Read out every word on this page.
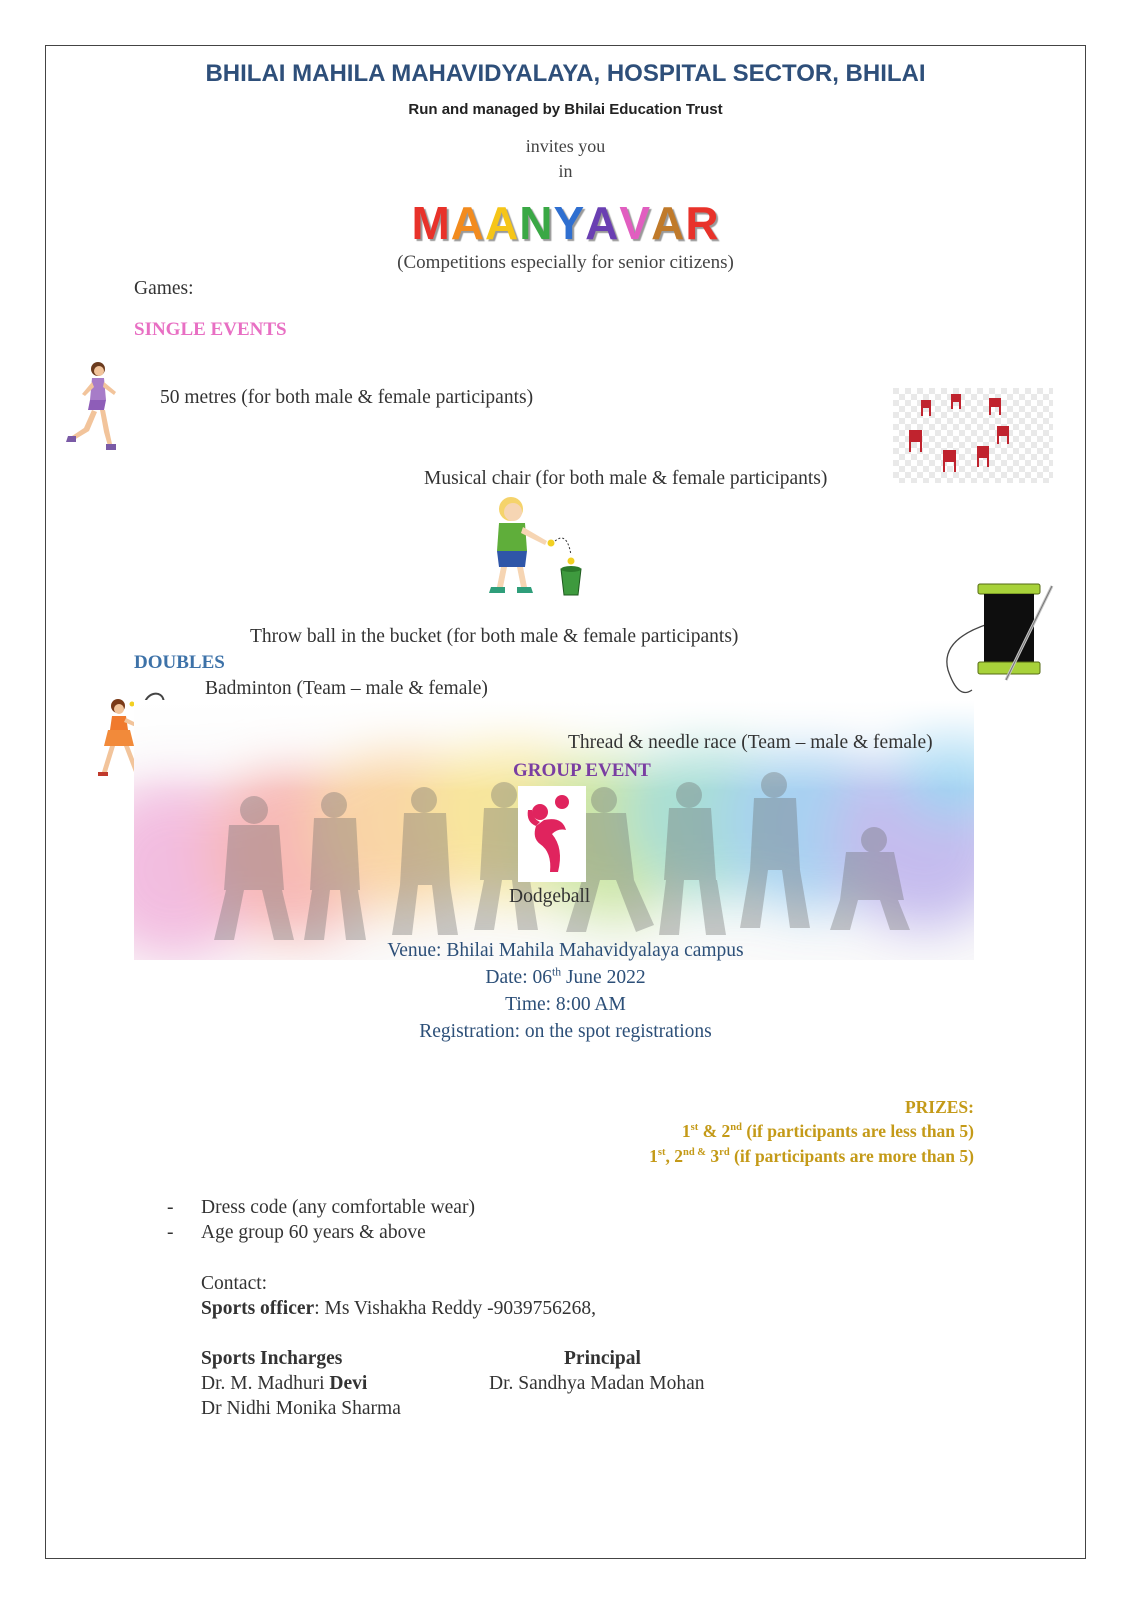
BHILAI MAHILA MAHAVIDYALAYA, HOSPITAL SECTOR, BHILAI
Run and managed by Bhilai Education Trust
invites you
in
MAANYAVAR
(Competitions especially for senior citizens)
Games:
SINGLE EVENTS
50 metres (for both male & female participants)
Musical chair (for both male & female participants)
Throw ball in the bucket (for both male & female participants)
DOUBLES
Badminton (Team – male & female)
Thread & needle race (Team – male & female)
GROUP EVENT
Dodgeball
Venue: Bhilai Mahila Mahavidyalaya campus
Date: 06th June 2022
Time: 8:00 AM
Registration: on the spot registrations
PRIZES:
1st & 2nd (if participants are less than 5)
1st, $2^{nd \&}$ 3rd (if participants are more than 5)
- Dress code (any comfortable wear)
- Age group 60 years & above
Contact:
Sports officer: Ms Vishakha Reddy -9039756268,
Sports Incharges
Dr. M. Madhuri Devi
Dr Nidhi Monika Sharma
Principal
Dr. Sandhya Madan Mohan
